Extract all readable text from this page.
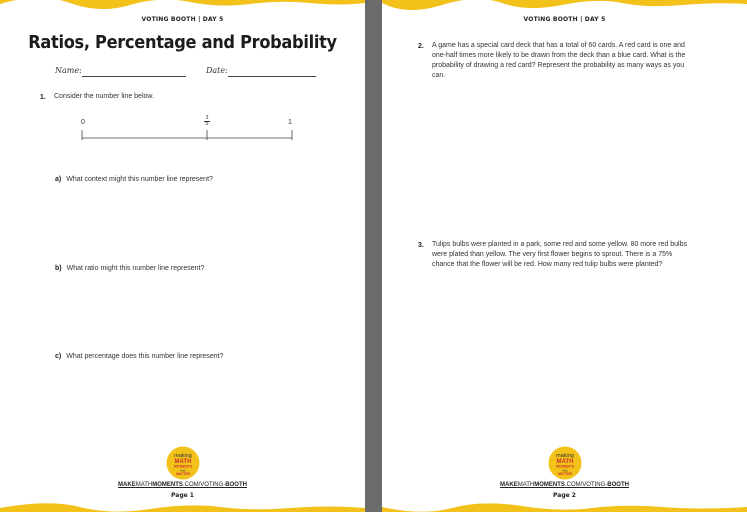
VOTING BOOTH | DAY 5
Ratios, Percentage and Probability
Name:	Date:
1. Consider the number line below.
0
3
5	1
a) What context might this number line represent?
b) What ratio might this number line represent?
c) What percentage does this number line represent?
making
MATH
MOMENTS
that
MATTER
MAKEMATHMOMENTS.COM/VOTING-BOOTH
Page 1
VOTING BOOTH | DAY 5
2. A game has a special card deck that has a total of 60 cards. A red card is one and
one-half times more likely to be drawn from the deck than a blue card. What is the
probability of drawing a red card? Represent the probability as many ways as you
can.
3. Tulips bulbs were planted in a park, some red and some yellow. 80 more red bulbs
were plated than yellow. The very first flower begins to sprout. There is a 75%
chance that the flower will be red. How many red tulip bulbs were planted?
making
MATH
MOMENTS
that
MATTER
MAKEMATHMOMENTS.COM/VOTING-BOOTH
Page 2
